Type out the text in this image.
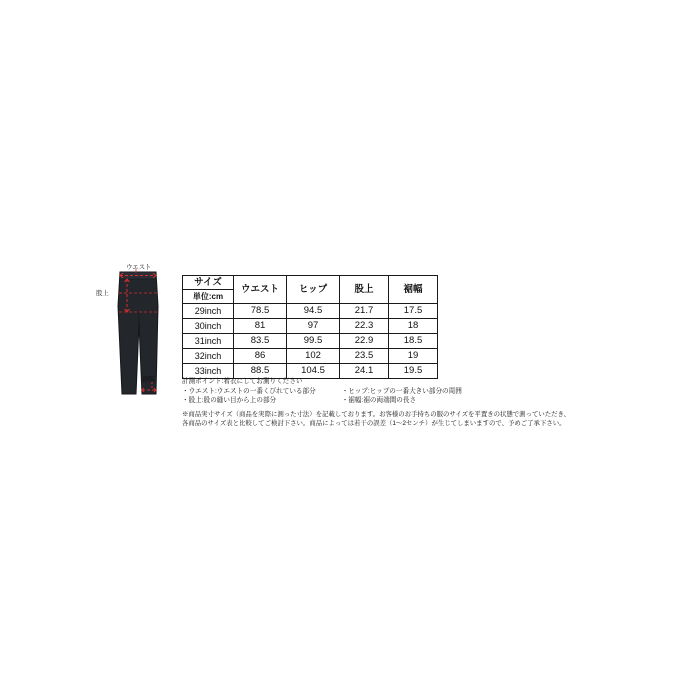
ウエスト
股上
裾幅
サイズ	ウエスト	ヒップ	股上	裾幅
単位:cm				
29inch	78.5	94.5	21.7	17.5
30inch	81	97	22.3	18
31inch	83.5	99.5	22.9	18.5
32inch	86	102	23.5	19
33inch	88.5	104.5	24.1	19.5
計測ポイント:着衣にしてお測りください
・ウエスト:ウエストの一番くびれている部分
・股上:股の縫い目から上の部分
・ヒップ:ヒップの一番大きい部分の周囲
・裾幅:裾の両端間の長さ
※商品実寸サイズ（商品を実際に測った寸法）を記載しております。お客様のお手持ちの服のサイズを平置きの状態で測っていただき、
各商品のサイズ表と比較してご検討下さい。商品によっては若干の誤差（1〜2センチ）が生じてしまいますので、予めご了承下さい。
